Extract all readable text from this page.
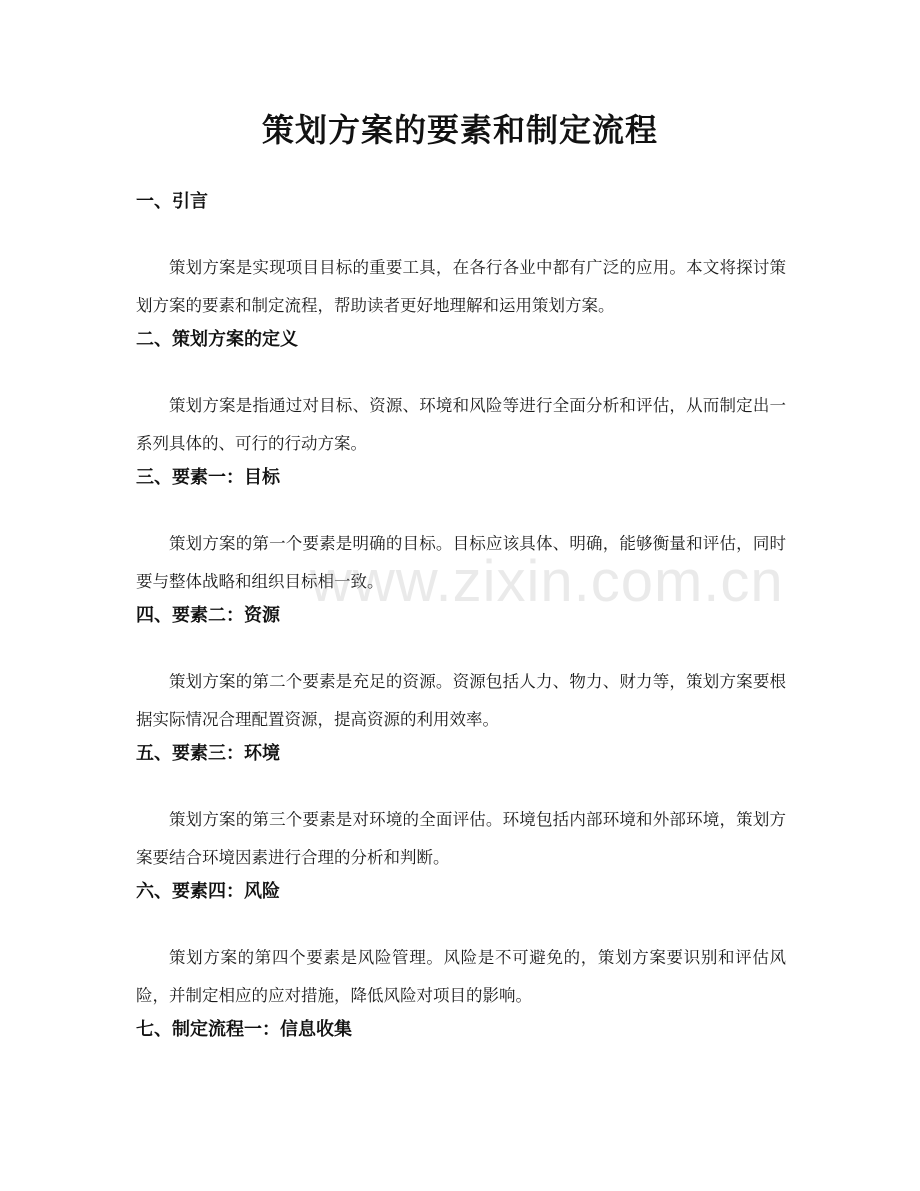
策划方案的要素和制定流程
一、引言

策划方案是实现项目目标的重要工具，在各行各业中都有广泛的应用。本文将探讨策划方案的要素和制定流程，帮助读者更好地理解和运用策划方案。

二、策划方案的定义

策划方案是指通过对目标、资源、环境和风险等进行全面分析和评估，从而制定出一系列具体的、可行的行动方案。

三、要素一：目标

策划方案的第一个要素是明确的目标。目标应该具体、明确，能够衡量和评估，同时要与整体战略和组织目标相一致。

四、要素二：资源

策划方案的第二个要素是充足的资源。资源包括人力、物力、财力等，策划方案要根据实际情况合理配置资源，提高资源的利用效率。

五、要素三：环境

策划方案的第三个要素是对环境的全面评估。环境包括内部环境和外部环境，策划方案要结合环境因素进行合理的分析和判断。

六、要素四：风险

策划方案的第四个要素是风险管理。风险是不可避免的，策划方案要识别和评估风险，并制定相应的应对措施，降低风险对项目的影响。

七、制定流程一：信息收集
www.zixin.com.cn
